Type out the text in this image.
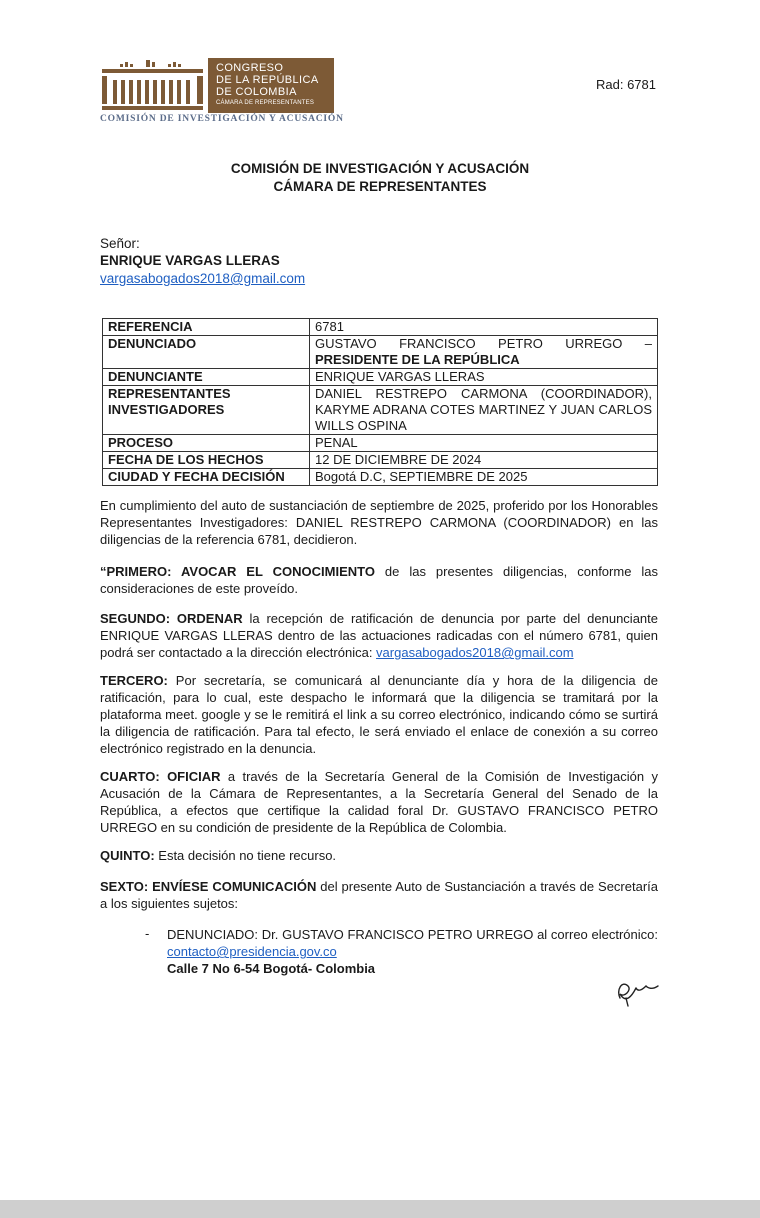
CONGRESO
DE LA REPÚBLICA
DE COLOMBIA
CÁMARA DE REPRESENTANTES
COMISIÓN DE INVESTIGACIÓN Y ACUSACIÓN
Rad: 6781
COMISIÓN DE INVESTIGACIÓN Y ACUSACIÓN
CÁMARA DE REPRESENTANTES
Señor:
ENRIQUE VARGAS LLERAS
vargasabogados2018@gmail.com
REFERENCIA	6781
DENUNCIADO	GUSTAVO FRANCISCO PETRO URREGO –
PRESIDENTE DE LA REPÚBLICA

DENUNCIANTE	ENRIQUE VARGAS LLERAS
REPRESENTANTES INVESTIGADORES	DANIEL RESTREPO CARMONA (COORDINADOR), KARYME ADRANA COTES MARTINEZ Y JUAN CARLOS WILLS OSPINA
PROCESO	PENAL
FECHA DE LOS HECHOS	12 DE DICIEMBRE DE 2024
CIUDAD Y FECHA DECISIÓN	Bogotá D.C, SEPTIEMBRE DE 2025

En cumplimiento del auto de sustanciación de septiembre de 2025, proferido por los Honorables Representantes Investigadores: DANIEL RESTREPO CARMONA (COORDINADOR) en las diligencias de la referencia 6781, decidieron.

“PRIMERO: AVOCAR EL CONOCIMIENTO de las presentes diligencias, conforme las consideraciones de este proveído.

SEGUNDO: ORDENAR la recepción de ratificación de denuncia por parte del denunciante ENRIQUE VARGAS LLERAS dentro de las actuaciones radicadas con el número 6781, quien podrá ser contactado a la dirección electrónica: vargasabogados2018@gmail.com

TERCERO: Por secretaría, se comunicará al denunciante día y hora de la diligencia de ratificación, para lo cual, este despacho le informará que la diligencia se tramitará por la plataforma meet. google y se le remitirá el link a su correo electrónico, indicando cómo se surtirá la diligencia de ratificación. Para tal efecto, le será enviado el enlace de conexión a su correo electrónico registrado en la denuncia.

CUARTO: OFICIAR a través de la Secretaría General de la Comisión de Investigación y Acusación de la Cámara de Representantes, a la Secretaría General del Senado de la República, a efectos que certifique la calidad foral Dr. GUSTAVO FRANCISCO PETRO URREGO en su condición de presidente de la República de Colombia.

QUINTO: Esta decisión no tiene recurso.

SEXTO: ENVÍESE COMUNICACIÓN del presente Auto de Sustanciación a través de Secretaría a los siguientes sujetos:

- DENUNCIADO: Dr. GUSTAVO FRANCISCO PETRO URREGO al correo electrónico: contacto@presidencia.gov.co
Calle 7 No 6-54 Bogotá- Colombia
